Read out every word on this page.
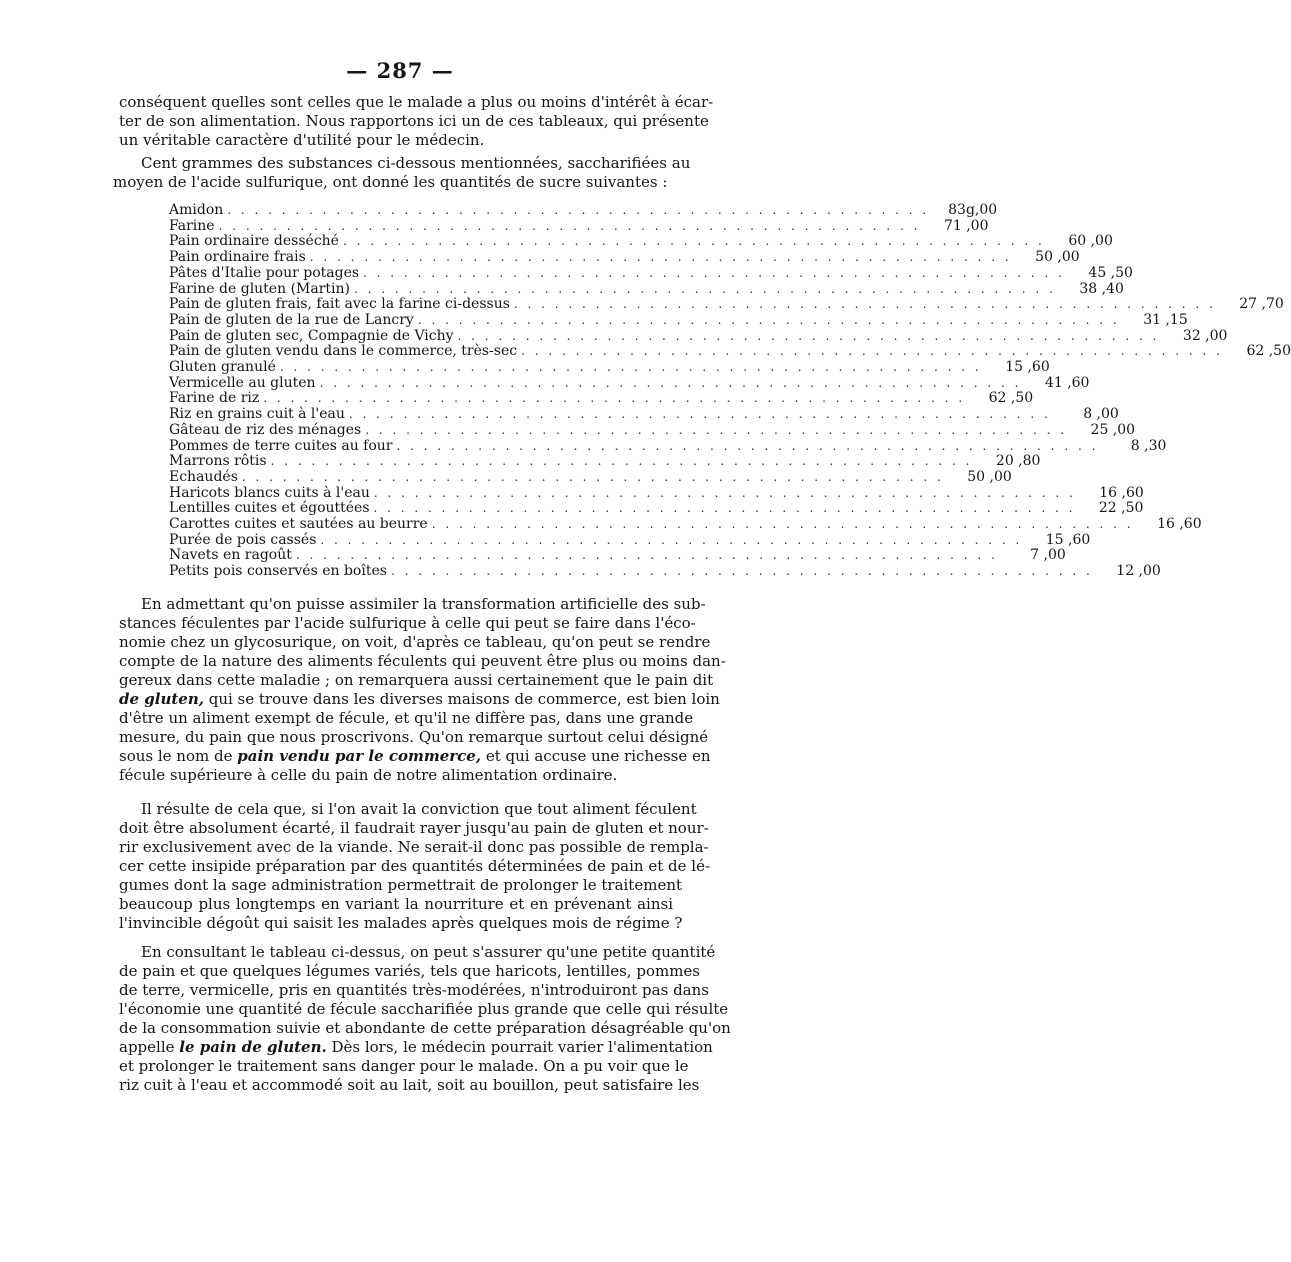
— 287 —
conséquent quelles sont celles que le malade a plus ou moins d'intérêt à écar-
ter de son alimentation. Nous rapportons ici un de ces tableaux, qui présente
un véritable caractère d'utilité pour le médecin.
Cent grammes des substances ci-dessous mentionnées, saccharifiées au
moyen de l'acide sulfurique, ont donné les quantités de sucre suivantes :
Amidon . . .	83g,00
Farine . . .	71 ,00
Pain ordinaire desséché . . .	60 ,00
Pain ordinaire frais . . .	50 ,00
Pâtes d'Italie pour potages . . .	45 ,50
Farine de gluten (Martin) . . .	38 ,40
Pain de gluten frais, fait avec la farine ci-dessus . . .	27 ,70
Pain de gluten de la rue de Lancry . . .	31 ,15
Pain de gluten sec, Compagnie de Vichy . . .	32 ,00
Pain de gluten vendu dans le commerce, très-sec . . .	62 ,50
Gluten granulé . . .	15 ,60
Vermicelle au gluten . . .	41 ,60
Farine de riz . . .	62 ,50
Riz en grains cuit à l'eau . . .	8 ,00
Gâteau de riz des ménages . . .	25 ,00
Pommes de terre cuites au four . . .	8 ,30
Marrons rôtis . . .	20 ,80
Echaudés . . .	50 ,00
Haricots blancs cuits à l'eau . . .	16 ,60
Lentilles cuites et égouttées . . .	22 ,50
Carottes cuites et sautées au beurre . . .	16 ,60
Purée de pois cassés . . .	15 ,60
Navets en ragoût . . .	7 ,00
Petits pois conservés en boîtes . . .	12 ,00
En admettant qu'on puisse assimiler la transformation artificielle des sub-
stances féculentes par l'acide sulfurique à celle qui peut se faire dans l'éco-
nomie chez un glycosurique, on voit, d'après ce tableau, qu'on peut se rendre
compte de la nature des aliments féculents qui peuvent être plus ou moins dan-
gereux dans cette maladie ; on remarquera aussi certainement que le pain dit
de gluten, qui se trouve dans les diverses maisons de commerce, est bien loin
d'être un aliment exempt de fécule, et qu'il ne diffère pas, dans une grande
mesure, du pain que nous proscrivons. Qu'on remarque surtout celui désigné
sous le nom de pain vendu par le commerce, et qui accuse une richesse en
fécule supérieure à celle du pain de notre alimentation ordinaire.
Il résulte de cela que, si l'on avait la conviction que tout aliment féculent
doit être absolument écarté, il faudrait rayer jusqu'au pain de gluten et nour-
rir exclusivement avec de la viande. Ne serait-il donc pas possible de rempla-
cer cette insipide préparation par des quantités déterminées de pain et de lé-
gumes dont la sage administration permettrait de prolonger le traitement
beaucoup plus longtemps en variant la nourriture et en prévenant ainsi
l'invincible dégoût qui saisit les malades après quelques mois de régime ?
En consultant le tableau ci-dessus, on peut s'assurer qu'une petite quantité
de pain et que quelques légumes variés, tels que haricots, lentilles, pommes
de terre, vermicelle, pris en quantités très-modérées, n'introduiront pas dans
l'économie une quantité de fécule saccharifiée plus grande que celle qui résulte
de la consommation suivie et abondante de cette préparation désagréable qu'on
appelle le pain de gluten. Dès lors, le médecin pourrait varier l'alimentation
et prolonger le traitement sans danger pour le malade. On a pu voir que le
riz cuit à l'eau et accommodé soit au lait, soit au bouillon, peut satisfaire les
